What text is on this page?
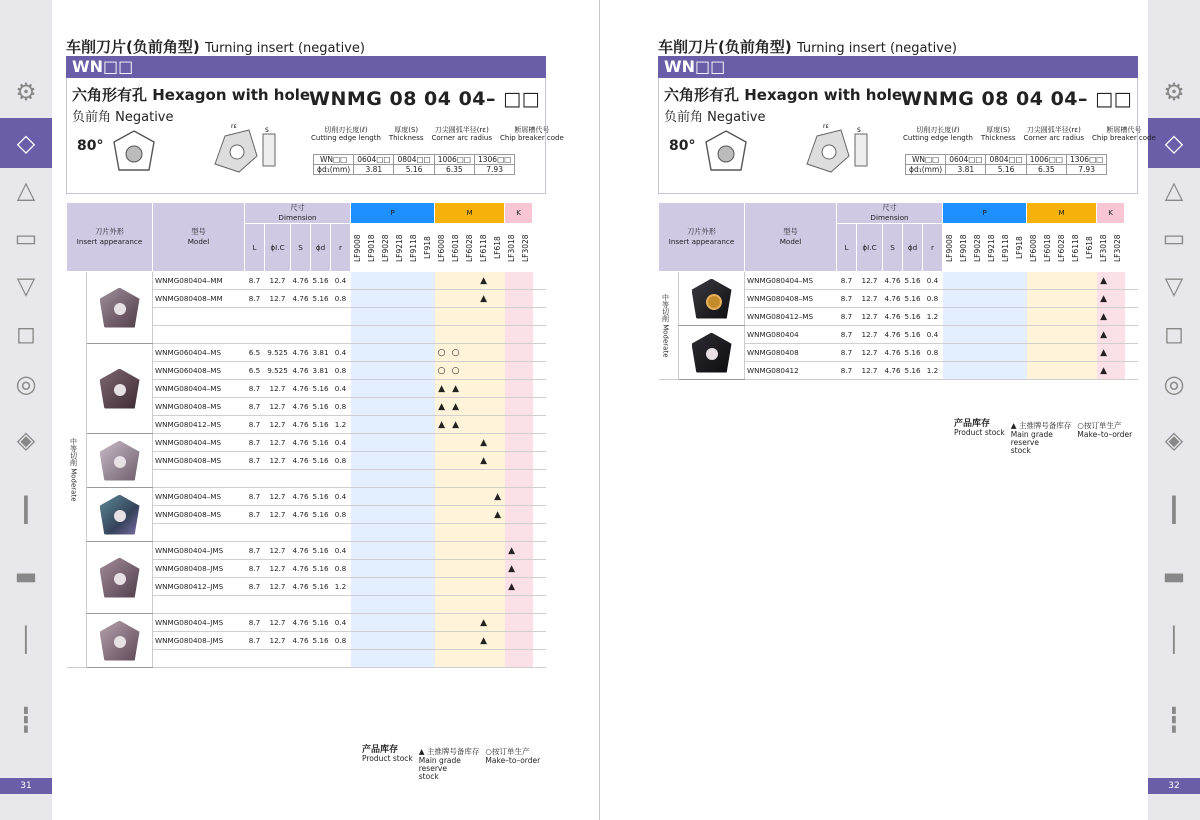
⚙
◇
△
▭
▽
◻
◎
◈
┃
▬
│
┇
31
车削刀片(负前角型) Turning insert (negative)
WN□□
六角形有孔 Hexagon with hole
负前角 Negative
80°
S
rε
WNMG 08 04 04– □□
切削刃长度(ℓ)
Cutting edge length
厚度(S)
Thickness
刀尖圆弧半径(rε)
Corner arc radius
断屑槽代号
Chip breaker code
WN□□	0604□□	0804□□	1006□□	1306□□
ϕd₁(mm)	3.81	5.16	6.35	7.93
刀片外形
Insert appearance		型号
Model	尺寸
Dimension					P						M					K		
			L	ϕI.C	S	ϕd	r	LF9008	LF9018	LF9028	LF9218	LF9118	LF918	LF6008	LF6018	LF6028	LF6118	LF618	LF3018	LF3028	

中等切削 Moderate		WNMG080404–MM	8.7	12.7	4.76	5.16	0.4										▲				
		WNMG080408–MM	8.7	12.7	4.76	5.16	0.8										▲				

		WNMG060404–MS	6.5	9.525	4.76	3.81	0.4							○	○						
		WNMG060408–MS	6.5	9.525	4.76	3.81	0.8							○	○						
		WNMG080404–MS	8.7	12.7	4.76	5.16	0.4							▲	▲						
		WNMG080408–MS	8.7	12.7	4.76	5.16	0.8							▲	▲						
		WNMG080412–MS	8.7	12.7	4.76	5.16	1.2							▲	▲						

		WNMG080404–MS	8.7	12.7	4.76	5.16	0.4										▲				
		WNMG080408–MS	8.7	12.7	4.76	5.16	0.8										▲				

		WNMG080404–MS	8.7	12.7	4.76	5.16	0.4											▲			
		WNMG080408–MS	8.7	12.7	4.76	5.16	0.8											▲			

		WNMG080404–JMS	8.7	12.7	4.76	5.16	0.4												▲		
		WNMG080408–JMS	8.7	12.7	4.76	5.16	0.8												▲		
		WNMG080412–JMS	8.7	12.7	4.76	5.16	1.2												▲		

		WNMG080404–JMS	8.7	12.7	4.76	5.16	0.4										▲				
		WNMG080408–JMS	8.7	12.7	4.76	5.16	0.8										▲				

产品库存
Product stock
▲ 主推牌号备库存
Main grade reserve stock
○按订单生产
Make–to–order
⚙
◇
△
▭
▽
◻
◎
◈
┃
▬
│
┇
32
车削刀片(负前角型) Turning insert (negative)
WN□□
六角形有孔 Hexagon with hole
负前角 Negative
80°
S
rε
WNMG 08 04 04– □□
切削刃长度(ℓ)
Cutting edge length
厚度(S)
Thickness
刀尖圆弧半径(rε)
Corner arc radius
断屑槽代号
Chip breaker code
WN□□	0604□□	0804□□	1006□□	1306□□
ϕd₁(mm)	3.81	5.16	6.35	7.93
刀片外形
Insert appearance		型号
Model	尺寸
Dimension					P						M					K		
			L	ϕI.C	S	ϕd	r	LF9008	LF9018	LF9028	LF9218	LF9118	LF918	LF6008	LF6018	LF6028	LF6118	LF618	LF3018	LF3028	

中等切削 Moderate		WNMG080404–MS	8.7	12.7	4.76	5.16	0.4												▲		
		WNMG080408–MS	8.7	12.7	4.76	5.16	0.8												▲		
		WNMG080412–MS	8.7	12.7	4.76	5.16	1.2												▲		

		WNMG080404	8.7	12.7	4.76	5.16	0.4												▲		
		WNMG080408	8.7	12.7	4.76	5.16	0.8												▲		
		WNMG080412	8.7	12.7	4.76	5.16	1.2												▲		
产品库存
Product stock
▲ 主推牌号备库存
Main grade reserve stock
○按订单生产
Make–to–order
